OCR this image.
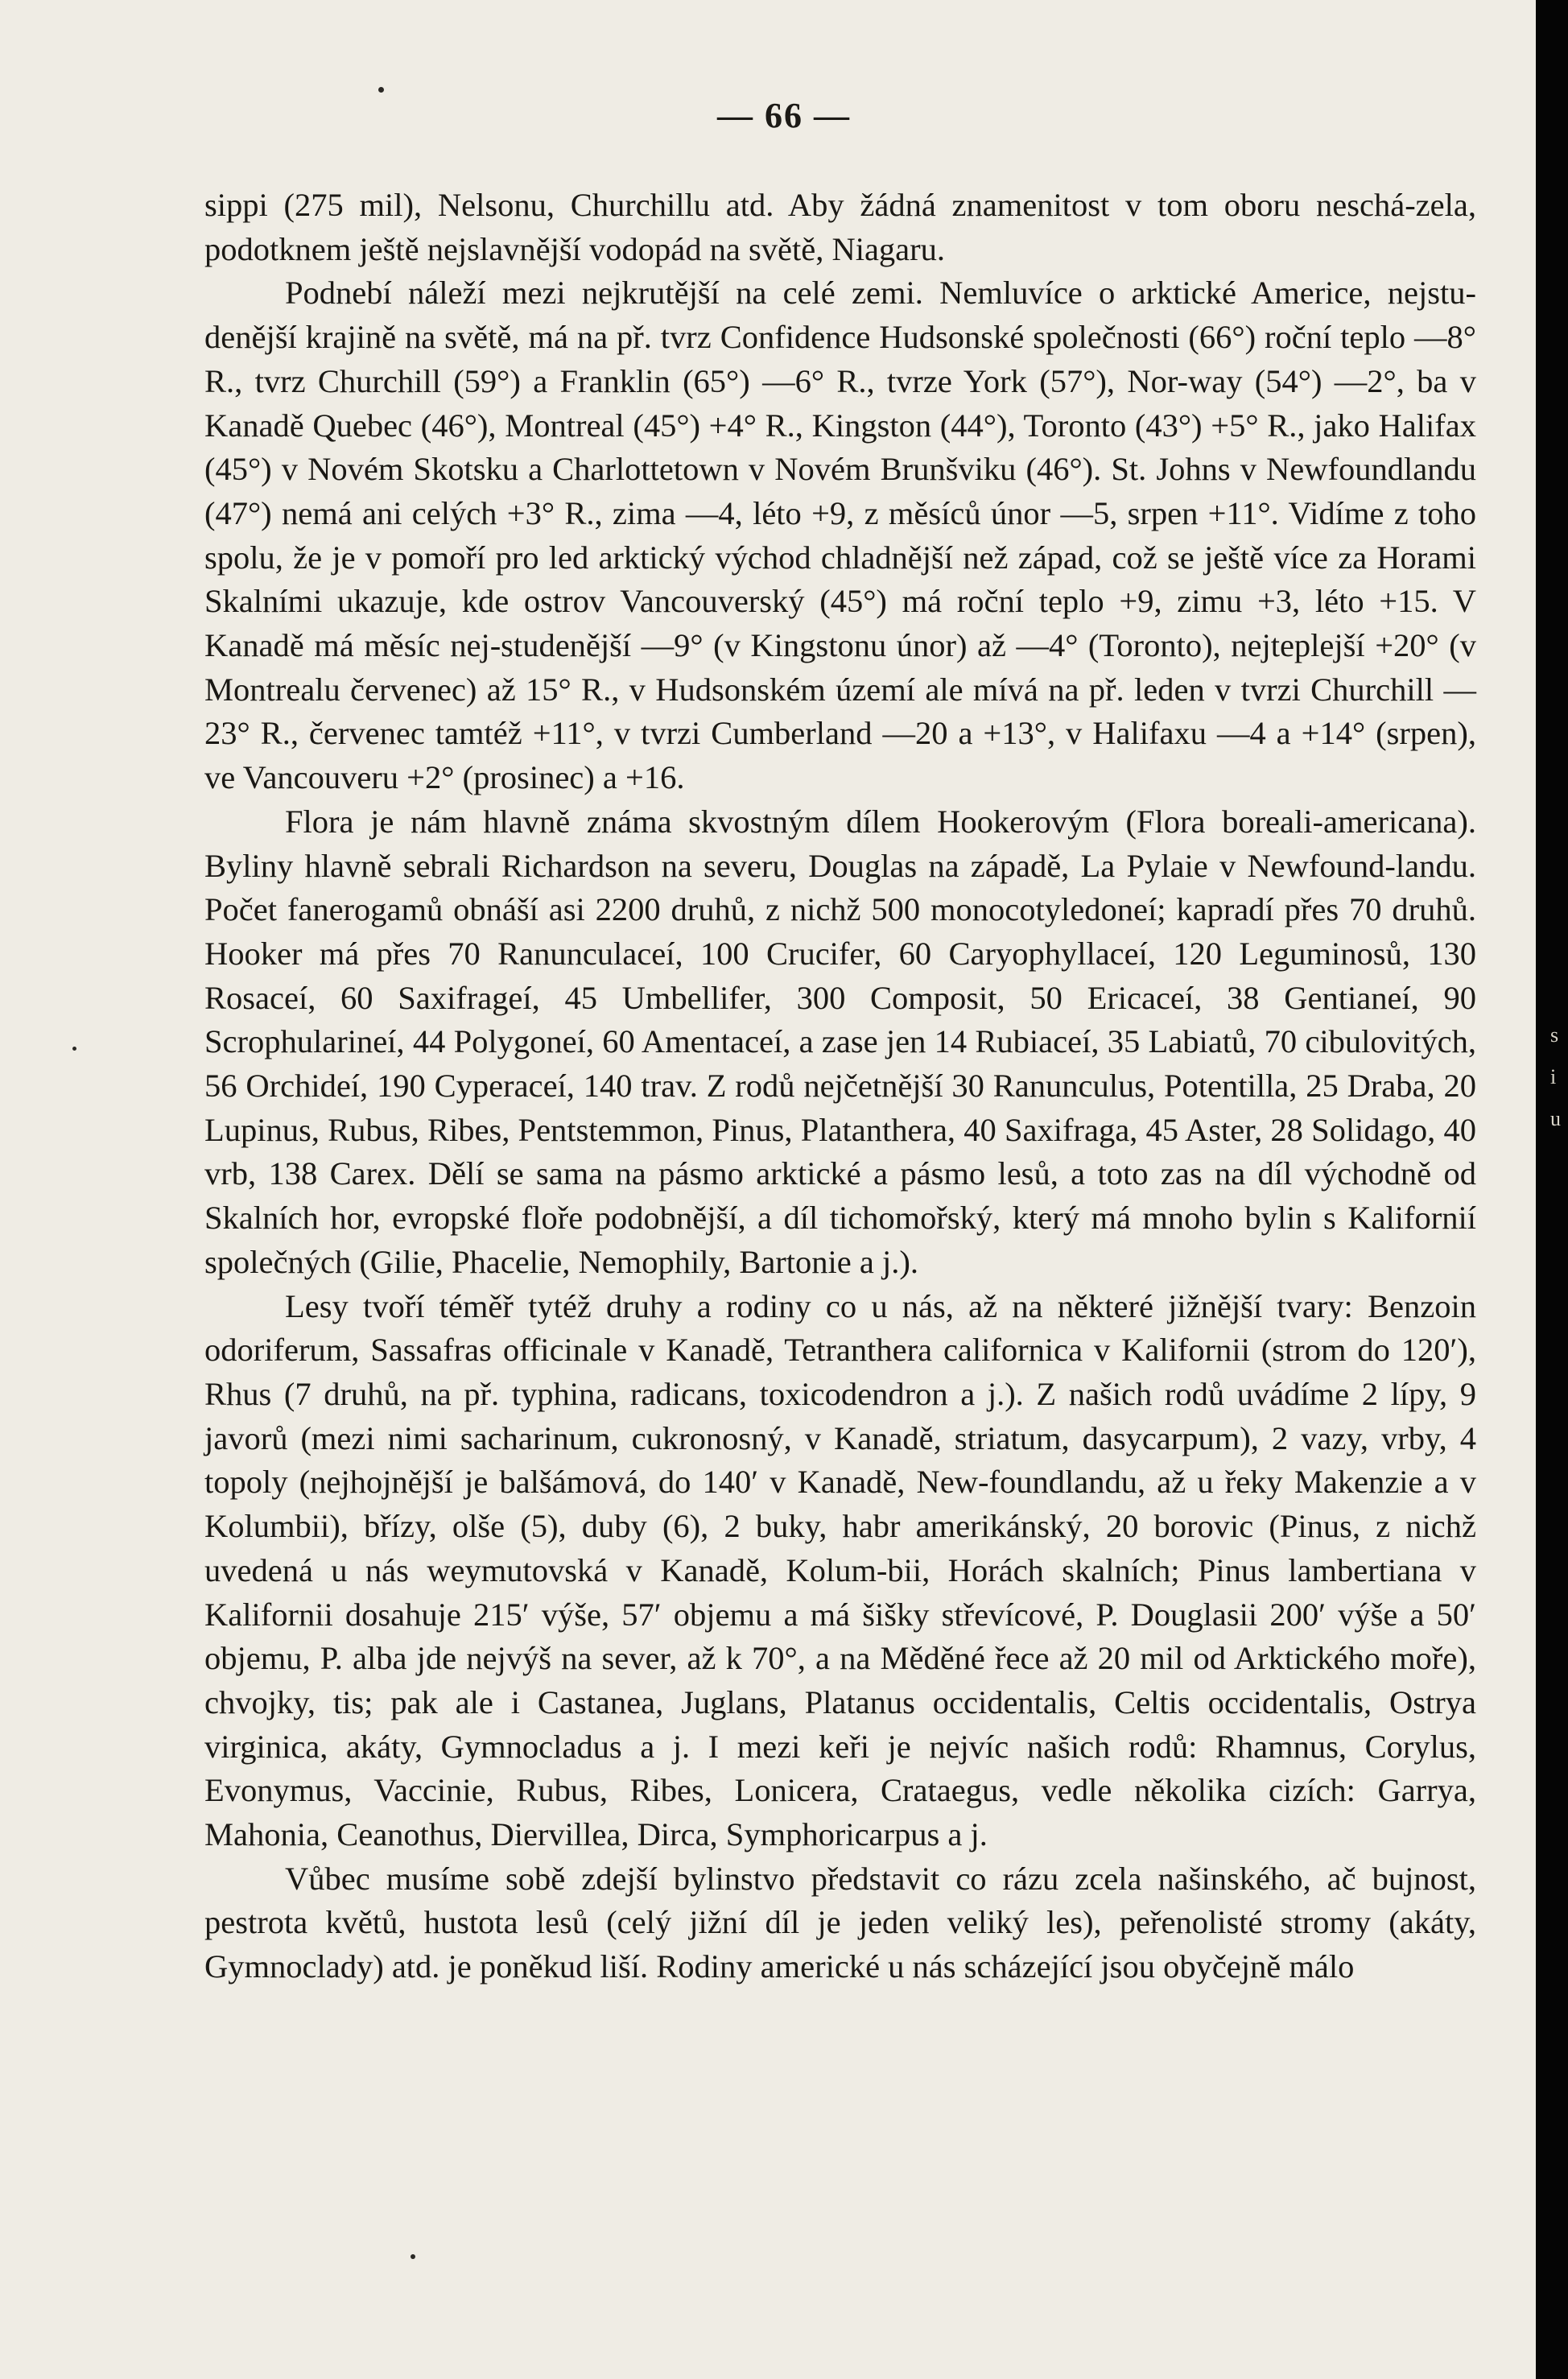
— 66 —

sippi (275 mil), Nelsonu, Churchillu atd. Aby žádná znamenitost v tom oboru neschá-zela, podotknem ještě nejslavnější vodopád na světě, Niagaru.

Podnebí náleží mezi nejkrutější na celé zemi. Nemluvíce o arktické Americe, nejstu-denější krajině na světě, má na př. tvrz Confidence Hudsonské společnosti (66°) roční teplo —8° R., tvrz Churchill (59°) a Franklin (65°) —6° R., tvrze York (57°), Nor-way (54°) —2°, ba v Kanadě Quebec (46°), Montreal (45°) +4° R., Kingston (44°), Toronto (43°) +5° R., jako Halifax (45°) v Novém Skotsku a Charlottetown v Novém Brunšviku (46°). St. Johns v Newfoundlandu (47°) nemá ani celých +3° R., zima —4, léto +9, z měsíců únor —5, srpen +11°. Vidíme z toho spolu, že je v pomoří pro led arktický východ chladnější než západ, což se ještě více za Horami Skalními ukazuje, kde ostrov Vancouverský (45°) má roční teplo +9, zimu +3, léto +15. V Kanadě má měsíc nej-studenější —9° (v Kingstonu únor) až —4° (Toronto), nejteplejší +20° (v Montrealu červenec) až 15° R., v Hudsonském území ale mívá na př. leden v tvrzi Churchill —23° R., červenec tamtéž +11°, v tvrzi Cumberland —20 a +13°, v Halifaxu —4 a +14° (srpen), ve Vancouveru +2° (prosinec) a +16.

Flora je nám hlavně známa skvostným dílem Hookerovým (Flora boreali-americana). Byliny hlavně sebrali Richardson na severu, Douglas na západě, La Pylaie v Newfound-landu. Počet fanerogamů obnáší asi 2200 druhů, z nichž 500 monocotyledoneí; kapradí přes 70 druhů. Hooker má přes 70 Ranunculaceí, 100 Crucifer, 60 Caryophyllaceí, 120 Leguminosů, 130 Rosaceí, 60 Saxifrageí, 45 Umbellifer, 300 Composit, 50 Ericaceí, 38 Gentianeí, 90 Scrophularineí, 44 Polygoneí, 60 Amentaceí, a zase jen 14 Rubiaceí, 35 Labiatů, 70 cibulovitých, 56 Orchideí, 190 Cyperaceí, 140 trav. Z rodů nejčetnější 30 Ranunculus, Potentilla, 25 Draba, 20 Lupinus, Rubus, Ribes, Pentstemmon, Pinus, Platanthera, 40 Saxifraga, 45 Aster, 28 Solidago, 40 vrb, 138 Carex. Dělí se sama na pásmo arktické a pásmo lesů, a toto zas na díl východně od Skalních hor, evropské floře podobnější, a díl tichomořský, který má mnoho bylin s Kalifornií společných (Gilie, Phacelie, Nemophily, Bartonie a j.).

Lesy tvoří téměř tytéž druhy a rodiny co u nás, až na některé jižnější tvary: Benzoin odoriferum, Sassafras officinale v Kanadě, Tetranthera californica v Kalifornii (strom do 120′), Rhus (7 druhů, na př. typhina, radicans, toxicodendron a j.). Z našich rodů uvádíme 2 lípy, 9 javorů (mezi nimi sacharinum, cukronosný, v Kanadě, striatum, dasycarpum), 2 vazy, vrby, 4 topoly (nejhojnější je balšámová, do 140′ v Kanadě, New-foundlandu, až u řeky Makenzie a v Kolumbii), břízy, olše (5), duby (6), 2 buky, habr amerikánský, 20 borovic (Pinus, z nichž uvedená u nás weymutovská v Kanadě, Kolum-bii, Horách skalních; Pinus lambertiana v Kalifornii dosahuje 215′ výše, 57′ objemu a má šišky střevícové, P. Douglasii 200′ výše a 50′ objemu, P. alba jde nejvýš na sever, až k 70°, a na Měděné řece až 20 mil od Arktického moře), chvojky, tis; pak ale i Castanea, Juglans, Platanus occidentalis, Celtis occidentalis, Ostrya virginica, akáty, Gymnocladus a j. I mezi keři je nejvíc našich rodů: Rhamnus, Corylus, Evonymus, Vaccinie, Rubus, Ribes, Lonicera, Crataegus, vedle několika cizích: Garrya, Mahonia, Ceanothus, Diervillea, Dirca, Symphoricarpus a j.

Vůbec musíme sobě zdejší bylinstvo představit co rázu zcela našinského, ač bujnost, pestrota květů, hustota lesů (celý jižní díl je jeden veliký les), peřenolisté stromy (akáty, Gymnoclady) atd. je poněkud liší. Rodiny americké u nás scházející jsou obyčejně málo

s
i
u
